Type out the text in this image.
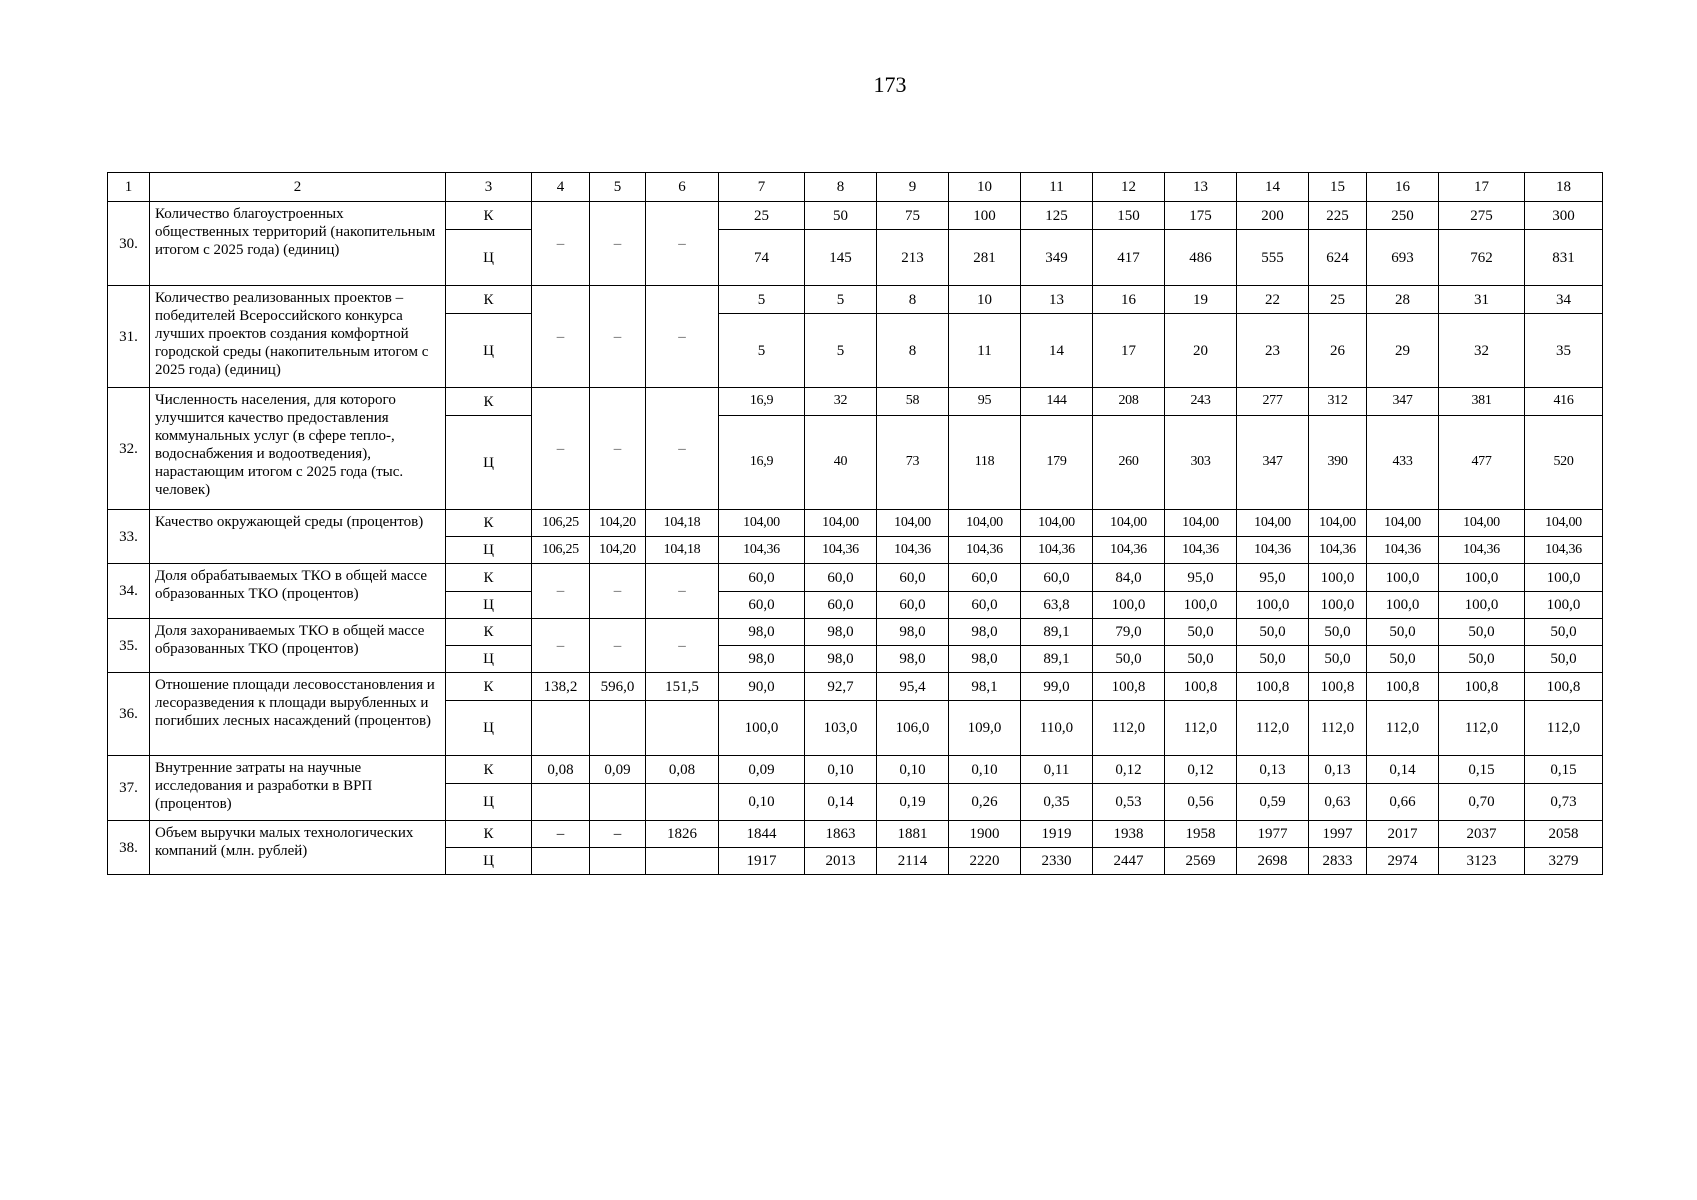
173
1	2	3	4	5	6	7	8	9	10	11	12	13	14	15	16	17	18
30.	Количество благоустроенных общественных территорий (накопительным итогом с 2025 года) (единиц)	К	–	–	–	25	50	75	100	125	150	175	200	225	250	275	300
		Ц				74	145	213	281	349	417	486	555	624	693	762	831
31.	Количество реализованных проектов – победителей Всероссийского конкурса лучших проектов создания комфортной городской среды (накопительным итогом с 2025 года) (единиц)	К	–	–	–	5	5	8	10	13	16	19	22	25	28	31	34
		Ц				5	5	8	11	14	17	20	23	26	29	32	35
32.	Численность населения, для которого улучшится качество предоставления коммунальных услуг (в сфере тепло-, водоснабжения и водоотведения), нарастающим итогом с 2025 года (тыс. человек)	К	–	–	–	16,9	32	58	95	144	208	243	277	312	347	381	416
		Ц				16,9	40	73	118	179	260	303	347	390	433	477	520
33.	Качество окружающей среды (процентов)	К	106,25	104,20	104,18	104,00	104,00	104,00	104,00	104,00	104,00	104,00	104,00	104,00	104,00	104,00	104,00
		Ц	106,25	104,20	104,18	104,36	104,36	104,36	104,36	104,36	104,36	104,36	104,36	104,36	104,36	104,36	104,36
34.	Доля обрабатываемых ТКО в общей массе образованных ТКО (процентов)	К	–	–	–	60,0	60,0	60,0	60,0	60,0	84,0	95,0	95,0	100,0	100,0	100,0	100,0
		Ц				60,0	60,0	60,0	60,0	63,8	100,0	100,0	100,0	100,0	100,0	100,0	100,0
35.	Доля захораниваемых ТКО в общей массе образованных ТКО (процентов)	К	–	–	–	98,0	98,0	98,0	98,0	89,1	79,0	50,0	50,0	50,0	50,0	50,0	50,0
		Ц				98,0	98,0	98,0	98,0	89,1	50,0	50,0	50,0	50,0	50,0	50,0	50,0
36.	Отношение площади лесовосстановления и лесоразведения к площади вырубленных и погибших лесных насаждений (процентов)	К	138,2	596,0	151,5	90,0	92,7	95,4	98,1	99,0	100,8	100,8	100,8	100,8	100,8	100,8	100,8
		Ц				100,0	103,0	106,0	109,0	110,0	112,0	112,0	112,0	112,0	112,0	112,0	112,0
37.	Внутренние затраты на научные исследования и разработки в ВРП (процентов)	К	0,08	0,09	0,08	0,09	0,10	0,10	0,10	0,11	0,12	0,12	0,13	0,13	0,14	0,15	0,15
		Ц				0,10	0,14	0,19	0,26	0,35	0,53	0,56	0,59	0,63	0,66	0,70	0,73
38.	Объем выручки малых технологических компаний (млн. рублей)	К	–	–	1826	1844	1863	1881	1900	1919	1938	1958	1977	1997	2017	2037	2058
		Ц				1917	2013	2114	2220	2330	2447	2569	2698	2833	2974	3123	3279
